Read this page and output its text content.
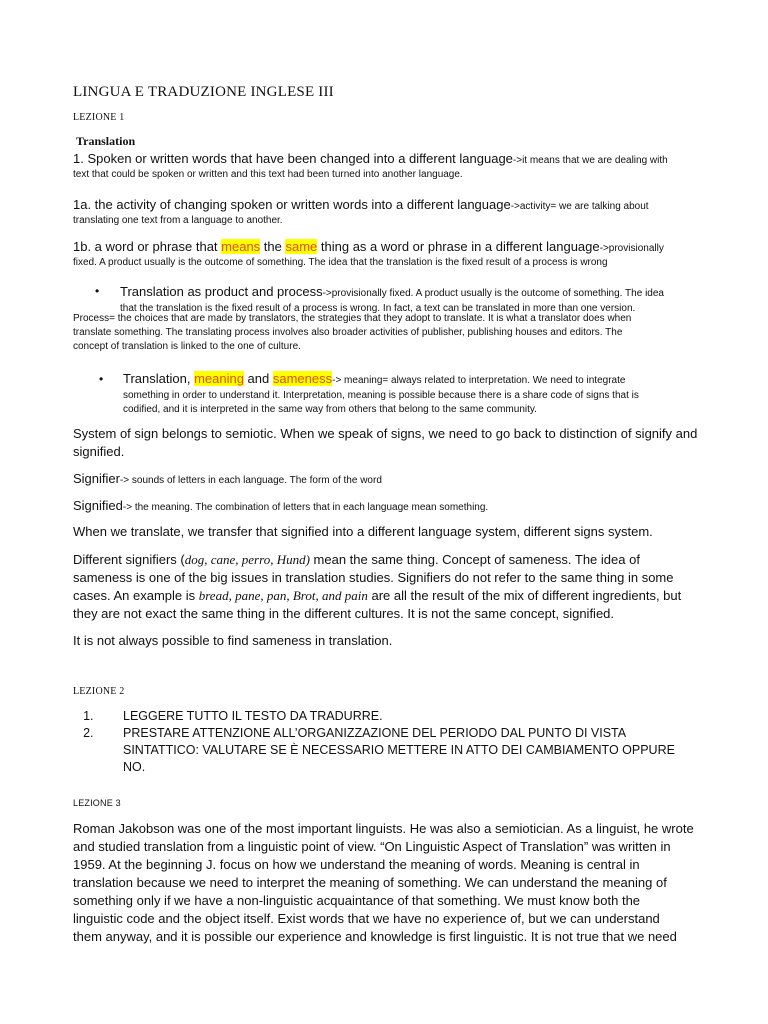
LINGUA E TRADUZIONE INGLESE III
LEZIONE 1
Translation
1. Spoken or written words that have been changed into a different language->it means that we are dealing with
text that could be spoken or written and this text had been turned into another language.
1a. the activity of changing spoken or written words into a different language->activity= we are talking about
translating one text from a language to another.
1b. a word or phrase that means the same thing as a word or phrase in a different language->provisionally
fixed. A product usually is the outcome of something. The idea that the translation is the fixed result of a process is wrong
• Translation as product and process->provisionally fixed. A product usually is the outcome of something. The idea
that the translation is the fixed result of a process is wrong. In fact, a text can be translated in more than one version.
Process= the choices that are made by translators, the strategies that they adopt to translate. It is what a translator does when
translate something. The translating process involves also broader activities of publisher, publishing houses and editors. The
concept of translation is linked to the one of culture.
• Translation, meaning and sameness-> meaning= always related to interpretation. We need to integrate
something in order to understand it. Interpretation, meaning is possible because there is a share code of signs that is
codified, and it is interpreted in the same way from others that belong to the same community.
System of sign belongs to semiotic. When we speak of signs, we need to go back to distinction of signify and
signified.
Signifier-> sounds of letters in each language. The form of the word
Signified-> the meaning. The combination of letters that in each language mean something.
When we translate, we transfer that signified into a different language system, different signs system.
Different signifiers (dog, cane, perro, Hund) mean the same thing. Concept of sameness. The idea of
sameness is one of the big issues in translation studies. Signifiers do not refer to the same thing in some
cases. An example is bread, pane, pan, Brot, and pain are all the result of the mix of different ingredients, but
they are not exact the same thing in the different cultures. It is not the same concept, signified.
It is not always possible to find sameness in translation.
LEZIONE 2
1. LEGGERE TUTTO IL TESTO DA TRADURRE.
2. PRESTARE ATTENZIONE ALL’ORGANIZZAZIONE DEL PERIODO DAL PUNTO DI VISTA SINTATTICO: VALUTARE SE È NECESSARIO METTERE IN ATTO DEI CAMBIAMENTO OPPURE NO.
LEZIONE 3
Roman Jakobson was one of the most important linguists. He was also a semiotician. As a linguist, he wrote
and studied translation from a linguistic point of view. “On Linguistic Aspect of Translation” was written in
1959. At the beginning J. focus on how we understand the meaning of words. Meaning is central in
translation because we need to interpret the meaning of something. We can understand the meaning of
something only if we have a non-linguistic acquaintance of that something. We must know both the
linguistic code and the object itself. Exist words that we have no experience of, but we can understand
them anyway, and it is possible our experience and knowledge is first linguistic. It is not true that we need
